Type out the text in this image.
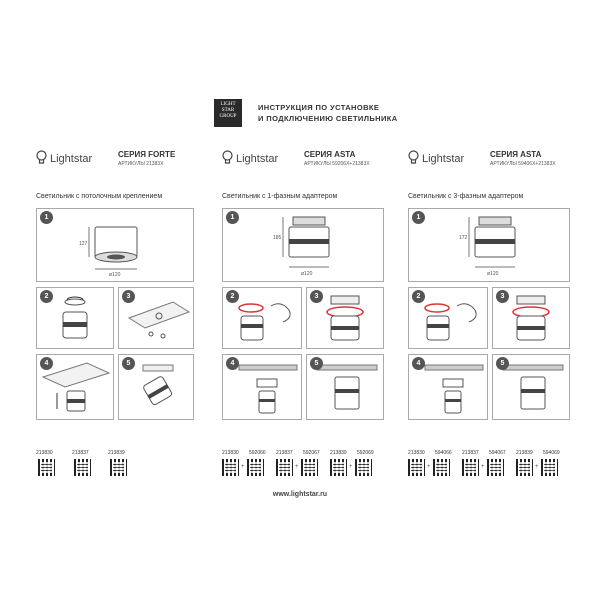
LIGHT
STAR
GROUP
ИНСТРУКЦИЯ ПО УСТАНОВКЕ
И ПОДКЛЮЧЕНИЮ СВЕТИЛЬНИКА
Lightstar	СЕРИЯ FORTE
АРТИКУЛЫ 21383X
Светильник с потолочным креплением
1
127
ø120
2	3
4	5
213830	213837	213839
Lightstar	СЕРИЯ ASTA
АРТИКУЛЫ 59206X+21383X
Светильник с 1-фазным адаптером
1
185
ø120
2	3
4	5
213830 592066 213837 592067 213839 592069
+	+	+
Lightstar	СЕРИЯ ASTA
АРТИКУЛЫ 59406X+21383X
Светильник с 3-фазным адаптером
1
172
ø120
2	3
4	5
213830 594066 213837 594067 213839 594069
+	+	+
www.lightstar.ru
